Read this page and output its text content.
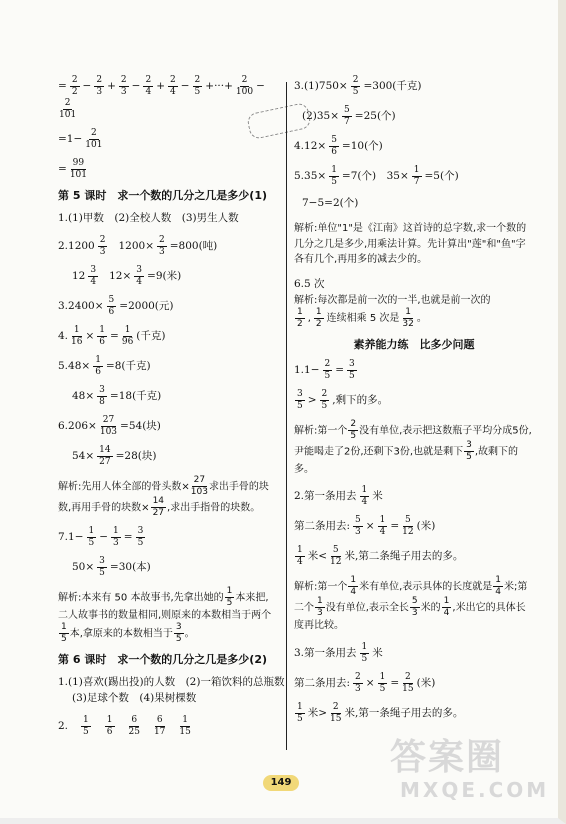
= $\frac{2}{2} - \frac{2}{3} + \frac{2}{3} - \frac{2}{4} + \frac{2}{4} - \frac{2}{5}$ +···+ $\frac{2}{100}$ −
$\frac{2}{101}$
$=1- \frac{2}{101}$
= $\frac{99}{101}$
第 5 课时　求一个数的几分之几是多少(1)
1.(1)甲数　(2)全校人数　(3)男生人数
$2.1200 \frac{2}{3} 1200\times \frac{2}{3} =800$(吨)
$12 \frac{3}{4} 12\times \frac{3}{4} =9$(米)
$3.2400\times \frac{5}{6} =2000$(元)
4. $\frac{1}{16} \times \frac{1}{6} = \frac{1}{96}$ (千克)
$5.48\times \frac{1}{6} =8$(千克)
$48\times \frac{3}{8} =18$(千克)
$6.206\times \frac{27}{103} =54$(块)
$54\times \frac{14}{27} =28$(块)
解析:先用人体全部的骨头数× $\frac{27}{103}$ 求出手骨的块数,再用手骨的块数× $\frac{14}{27}$ ,求出手指骨的块数。
$7.1- \frac{1}{5} - \frac{1}{3} = \frac{3}{5}$
$50\times \frac{3}{5} =30$(本)
解析:本来有 50 本故事书,先拿出她的 $\frac{1}{5}$ 本来把,二人故事书的数量相同,则原来的本数相当于两个
$\frac{1}{5}$ 本,拿原来的本数相当于 $\frac{3}{5}$ 。
第 6 课时　求一个数的几分之几是多少(2)
1.(1)喜欢(踢出投)的人数　(2)一箱饮料的总瓶数
(3)足球个数　(4)果树棵数
2. $\frac{1}{5} \frac{1}{6} \frac{6}{25} \frac{6}{17} \frac{1}{15}$
$3.(1)750\times \frac{2}{5} =300$(千克)
$(2)35\times \frac{5}{7} =25$(个)
$4.12\times \frac{5}{6} =10$(个)
$5.35\times \frac{1}{5} =7$(个)　$35\times \frac{1}{7} =5$(个)
7−5=2(个)
解析:单位"1"是《江南》这首诗的总字数,求一个数的几分之几是多少,用乘法计算。先计算出"莲"和"鱼"字各有几个,再用多的减去少的。
6.5 次
解析:每次都是前一次的一半,也就是前一次的
$\frac{1}{2}$ , $\frac{1}{2}$ 连续相乘 5 次是 $\frac{1}{32}$ 。
素养能力练　比多少问题
$1.1- \frac{2}{5} = \frac{3}{5}$
$\frac{3}{5} > \frac{2}{5}$ ,剩下的多。
解析:第一个 $\frac{2}{5}$ 没有单位,表示把这数瓶子平均分成5份,尹能喝走了2份,还剩下3份,也就是剩下 $\frac{3}{5}$ ,故剩下的多。
2.第一条用去 $\frac{1}{4}$ 米
第二条用去: $\frac{5}{3} \times \frac{1}{4} = \frac{5}{12}$ (米)
$\frac{1}{4}$ 米< $\frac{5}{12}$ 米,第二条绳子用去的多。
解析:第一个 $\frac{1}{4}$ 米有单位,表示具体的长度就是 $\frac{1}{4}$ 米;第二个 $\frac{1}{3}$ 没有单位,表示全长 $\frac{5}{3}$ 米的 $\frac{1}{4}$ ,米出它的具体长度再比较。
3.第一条用去 $\frac{1}{5}$ 米
第二条用去: $\frac{2}{3} \times \frac{1}{5} = \frac{2}{15}$ (米)
$\frac{1}{5}$ 米> $\frac{2}{15}$ 米,第一条绳子用去的多。
149
答案圈
MXQE.COM
